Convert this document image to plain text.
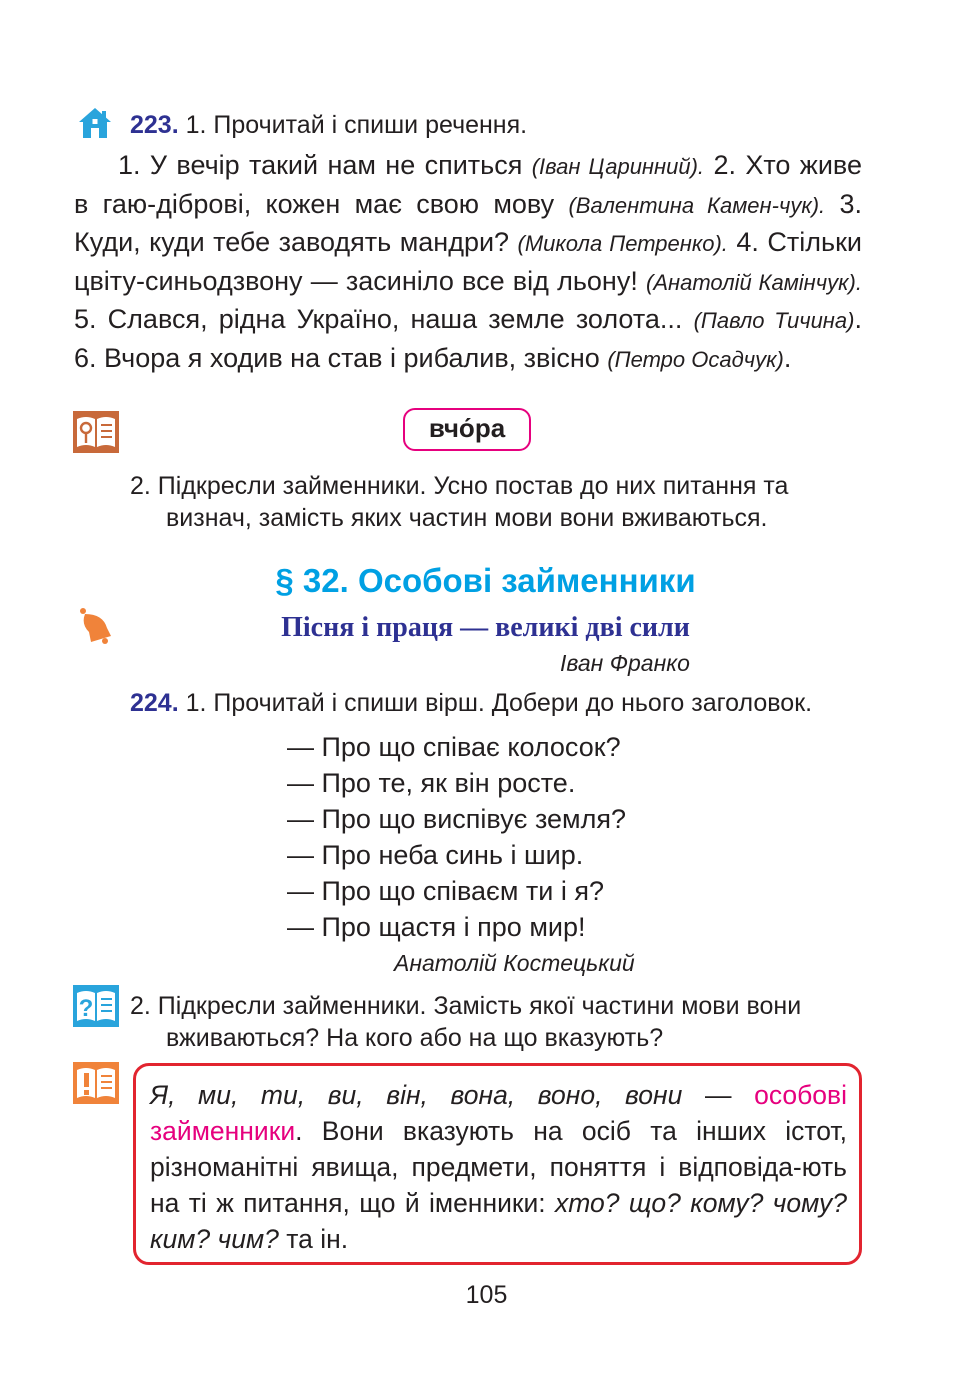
223. 1. Прочитай і спиши речення.
1. У вечір такий нам не спиться (Іван Царинний). 2. Хто живе в гаю-діброві, кожен має свою мову (Валентина Камен-чук). 3. Куди, куди тебе заводять мандри? (Микола Петренко). 4. Стільки цвіту-синьодзвону — засиніло все від льону! (Анатолій Камінчук). 5. Слався, рідна Україно, наша земле золота... (Павло Тичина). 6. Вчора я ходив на став і рибалив, звісно (Петро Осадчук).
вчо́ра
2. Підкресли займенники. Усно постав до них питання та визнач, замість яких частин мови вони вживаються.
§ 32. Особові займенники
Пісня і праця — великі дві сили
Іван Франко
224. 1. Прочитай і спиши вірш. Добери до нього заголовок.
— Про що співає колосок?
— Про те, як він росте.
— Про що виспівує земля?
— Про неба синь і шир.
— Про що співаєм ти і я?
— Про щастя і про мир!
Анатолій Костецький
? 2. Підкресли займенники. Замість якої частини мови вони вживаються? На кого або на що вказують?
Я, ми, ти, ви, він, вона, воно, вони — особові займенники. Вони вказують на осіб та інших істот, різноманітні явища, предмети, поняття і відповіда-ють на ті ж питання, що й іменники: хто? що? кому? чому? ким? чим? та ін.
105
